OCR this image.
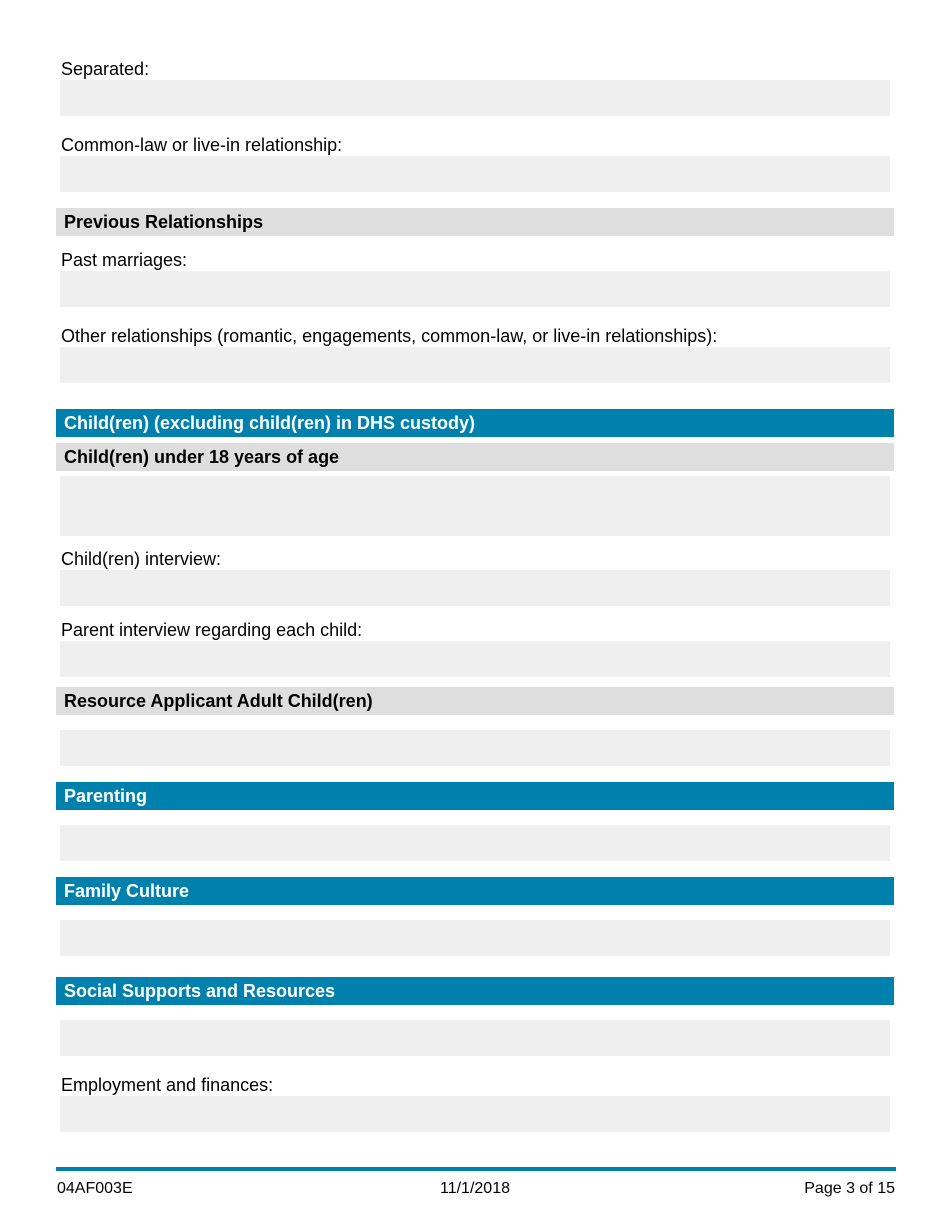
Separated:
Common-law or live-in relationship:
Previous Relationships
Past marriages:
Other relationships (romantic, engagements, common-law, or live-in relationships):
Child(ren) (excluding child(ren) in DHS custody)
Child(ren) under 18 years of age
Child(ren) interview:
Parent interview regarding each child:
Resource Applicant Adult Child(ren)
Parenting
Family Culture
Social Supports and Resources
Employment and finances:
04AF003E	11/1/2018	Page 3 of 15
